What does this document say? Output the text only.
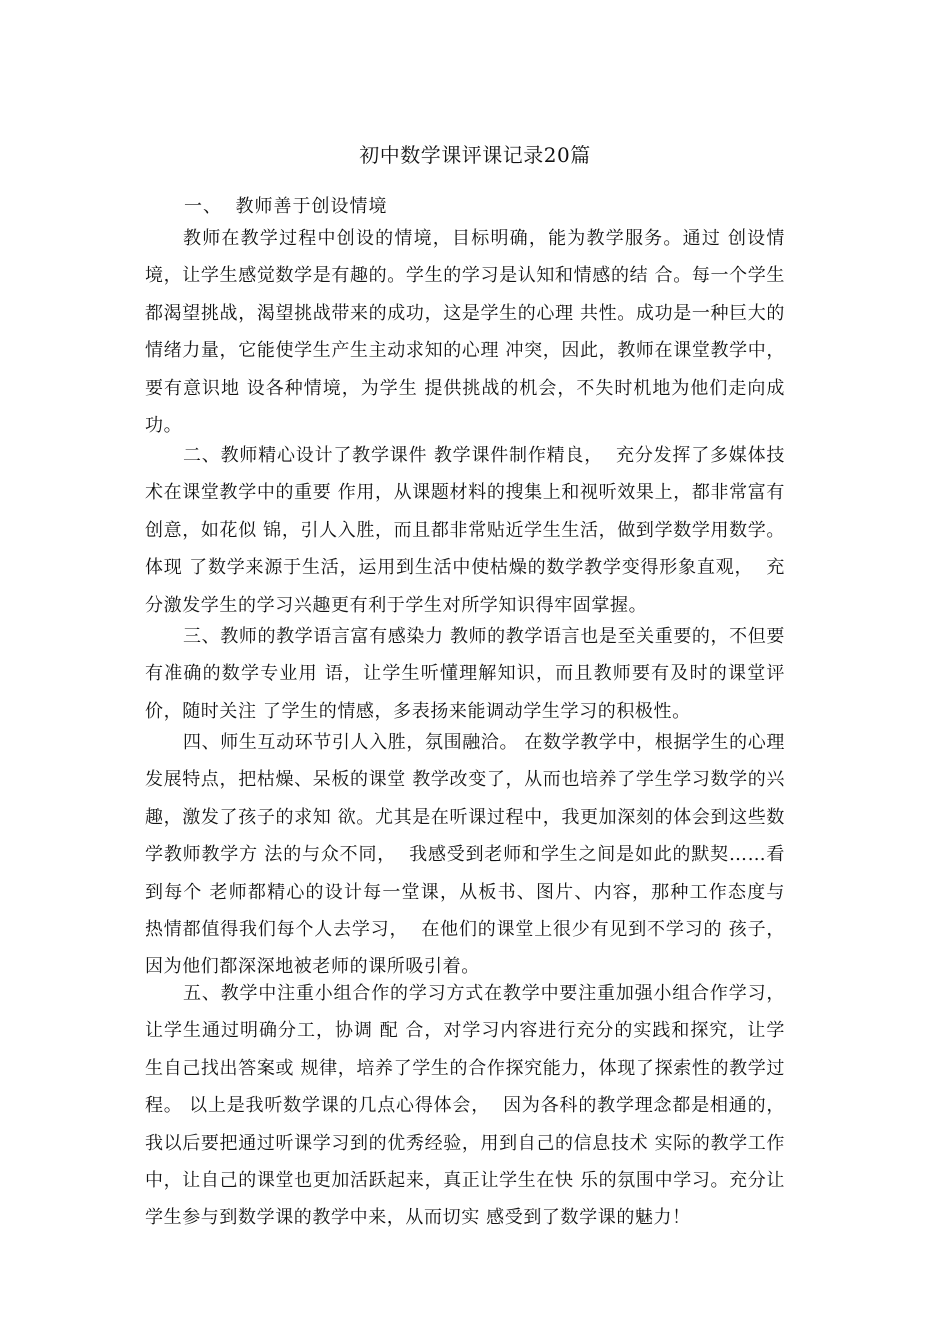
初中数学课评课记录20篇
一、  教师善于创设情境

教师在教学过程中创设的情境，目标明确，能为教学服务。通过 创设情境，让学生感觉数学是有趣的。学生的学习是认知和情感的结 合。每一个学生都渴望挑战，渴望挑战带来的成功，这是学生的心理 共性。成功是一种巨大的情绪力量，它能使学生产生主动求知的心理 冲突，因此，教师在课堂教学中，要有意识地 设各种情境，为学生 提供挑战的机会，不失时机地为他们走向成功。

二、教师精心设计了教学课件 教学课件制作精良，  充分发挥了多媒体技术在课堂教学中的重要 作用，从课题材料的搜集上和视听效果上，都非常富有创意，如花似 锦，引人入胜，而且都非常贴近学生生活，做到学数学用数学。体现 了数学来源于生活，运用到生活中使枯燥的数学教学变得形象直观，  充分激发学生的学习兴趣更有利于学生对所学知识得牢固掌握。

三、教师的教学语言富有感染力 教师的教学语言也是至关重要的，不但要有准确的数学专业用 语，让学生听懂理解知识，而且教师要有及时的课堂评价，随时关注 了学生的情感，多表扬来能调动学生学习的积极性。

四、师生互动环节引人入胜，氛围融洽。 在数学教学中，根据学生的心理发展特点，把枯燥、呆板的课堂 教学改变了，从而也培养了学生学习数学的兴趣，激发了孩子的求知 欲。尤其是在听课过程中，我更加深刻的体会到这些数学教师教学方 法的与众不同，  我感受到老师和学生之间是如此的默契……看到每个 老师都精心的设计每一堂课，从板书、图片、内容，那种工作态度与 热情都值得我们每个人去学习，  在他们的课堂上很少有见到不学习的 孩子，因为他们都深深地被老师的课所吸引着。

五、教学中注重小组合作的学习方式在教学中要注重加强小组合作学习，让学生通过明确分工，协调 配 合，对学习内容进行充分的实践和探究，让学生自己找出答案或 规律，培养了学生的合作探究能力，体现了探索性的教学过程。 以上是我听数学课的几点心得体会，  因为各科的教学理念都是相通的，我以后要把通过听课学习到的优秀经验，用到自己的信息技术 实际的教学工作中，让自己的课堂也更加活跃起来，真正让学生在快 乐的氛围中学习。充分让学生参与到数学课的教学中来，从而切实 感受到了数学课的魅力！
